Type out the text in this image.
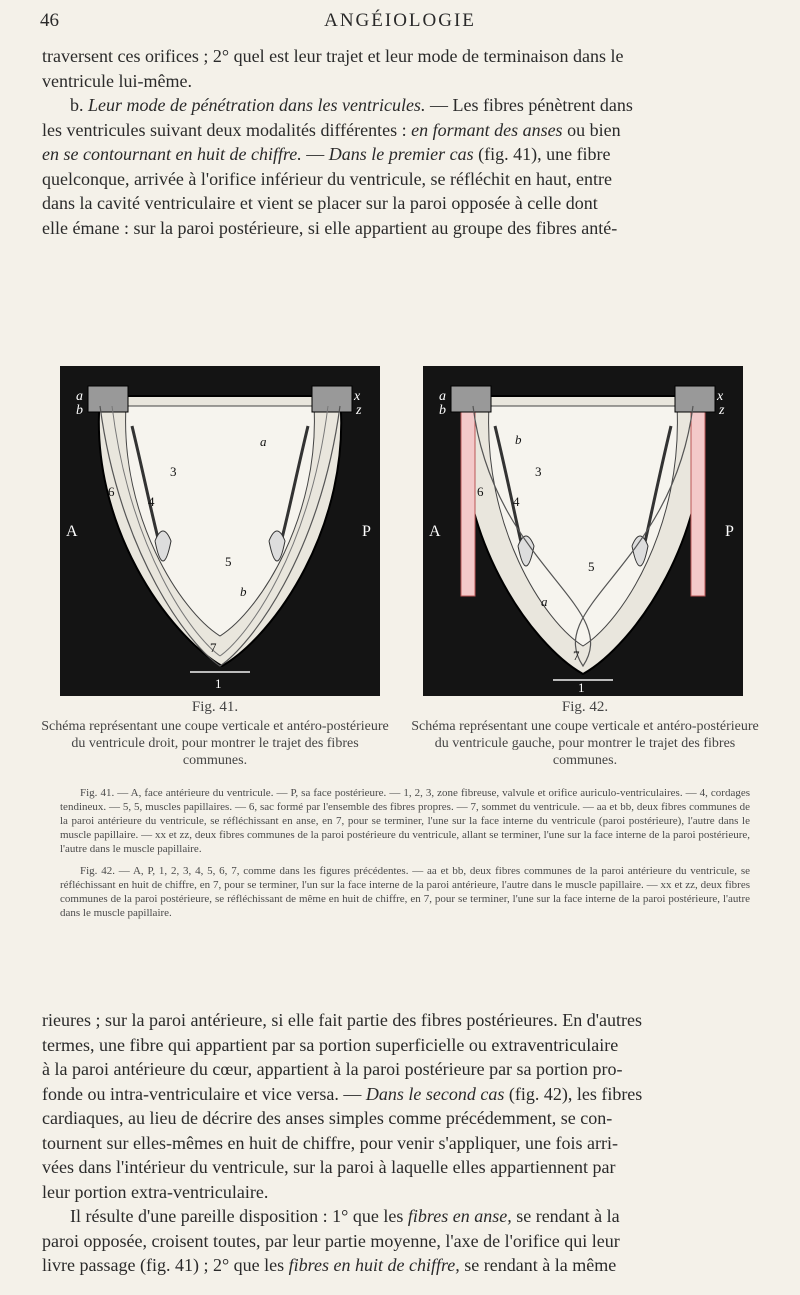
46	ANGÉIOLOGIE

traversent ces orifices ; 2° quel est leur trajet et leur mode de terminaison dans le

ventricule lui-même.

b. Leur mode de pénétration dans les ventricules. — Les fibres pénètrent dans

les ventricules suivant deux modalités différentes : en formant des anses ou bien

en se contournant en huit de chiffre. — Dans le premier cas (fig. 41), une fibre

quelconque, arrivée à l'orifice inférieur du ventricule, se réfléchit en haut, entre

dans la cavité ventriculaire et vient se placer sur la paroi opposée à celle dont

elle émane : sur la paroi postérieure, si elle appartient au groupe des fibres anté-

a
b
x
z
A	P
3
4
6
5
1
7
a
b
a
b
x
z
A	P
3
4
6
5
1
7
a
b
Fig. 41.
Schéma représentant une coupe verticale et antéro-postérieure du ventricule droit, pour montrer le trajet des fibres communes.
Fig. 42.
Schéma représentant une coupe verticale et antéro-postérieure du ventricule gauche, pour montrer le trajet des fibres communes.

Fig. 41. — A, face antérieure du ventricule. — P, sa face postérieure. — 1, 2, 3, zone fibreuse, valvule et orifice auriculo-ventriculaires. — 4, cordages tendineux. — 5, 5, muscles papillaires. — 6, sac formé par l'ensemble des fibres propres. — 7, sommet du ventricule. — aa et bb, deux fibres communes de la paroi antérieure du ventricule, se réfléchissant en anse, en 7, pour se terminer, l'une sur la face interne du ventricule (paroi postérieure), l'autre dans le muscle papillaire. — xx et zz, deux fibres communes de la paroi postérieure du ventricule, allant se terminer, l'une sur la face interne de la paroi postérieure, l'autre dans le muscle papillaire.

Fig. 42. — A, P, 1, 2, 3, 4, 5, 6, 7, comme dans les figures précédentes. — aa et bb, deux fibres communes de la paroi antérieure du ventricule, se réfléchissant en huit de chiffre, en 7, pour se terminer, l'un sur la face interne de la paroi antérieure, l'autre dans le muscle papillaire. — xx et zz, deux fibres communes de la paroi postérieure, se réfléchissant de même en huit de chiffre, en 7, pour se terminer, l'une sur la face interne de la paroi postérieure, l'autre dans le muscle papillaire.

rieures ; sur la paroi antérieure, si elle fait partie des fibres postérieures. En d'autres

termes, une fibre qui appartient par sa portion superficielle ou extraventriculaire

à la paroi antérieure du cœur, appartient à la paroi postérieure par sa portion pro-

fonde ou intra-ventriculaire et vice versa. — Dans le second cas (fig. 42), les fibres

cardiaques, au lieu de décrire des anses simples comme précédemment, se con-

tournent sur elles-mêmes en huit de chiffre, pour venir s'appliquer, une fois arri-

vées dans l'intérieur du ventricule, sur la paroi à laquelle elles appartiennent par

leur portion extra-ventriculaire.

Il résulte d'une pareille disposition : 1° que les fibres en anse, se rendant à la

paroi opposée, croisent toutes, par leur partie moyenne, l'axe de l'orifice qui leur

livre passage (fig. 41) ; 2° que les fibres en huit de chiffre, se rendant à la même
